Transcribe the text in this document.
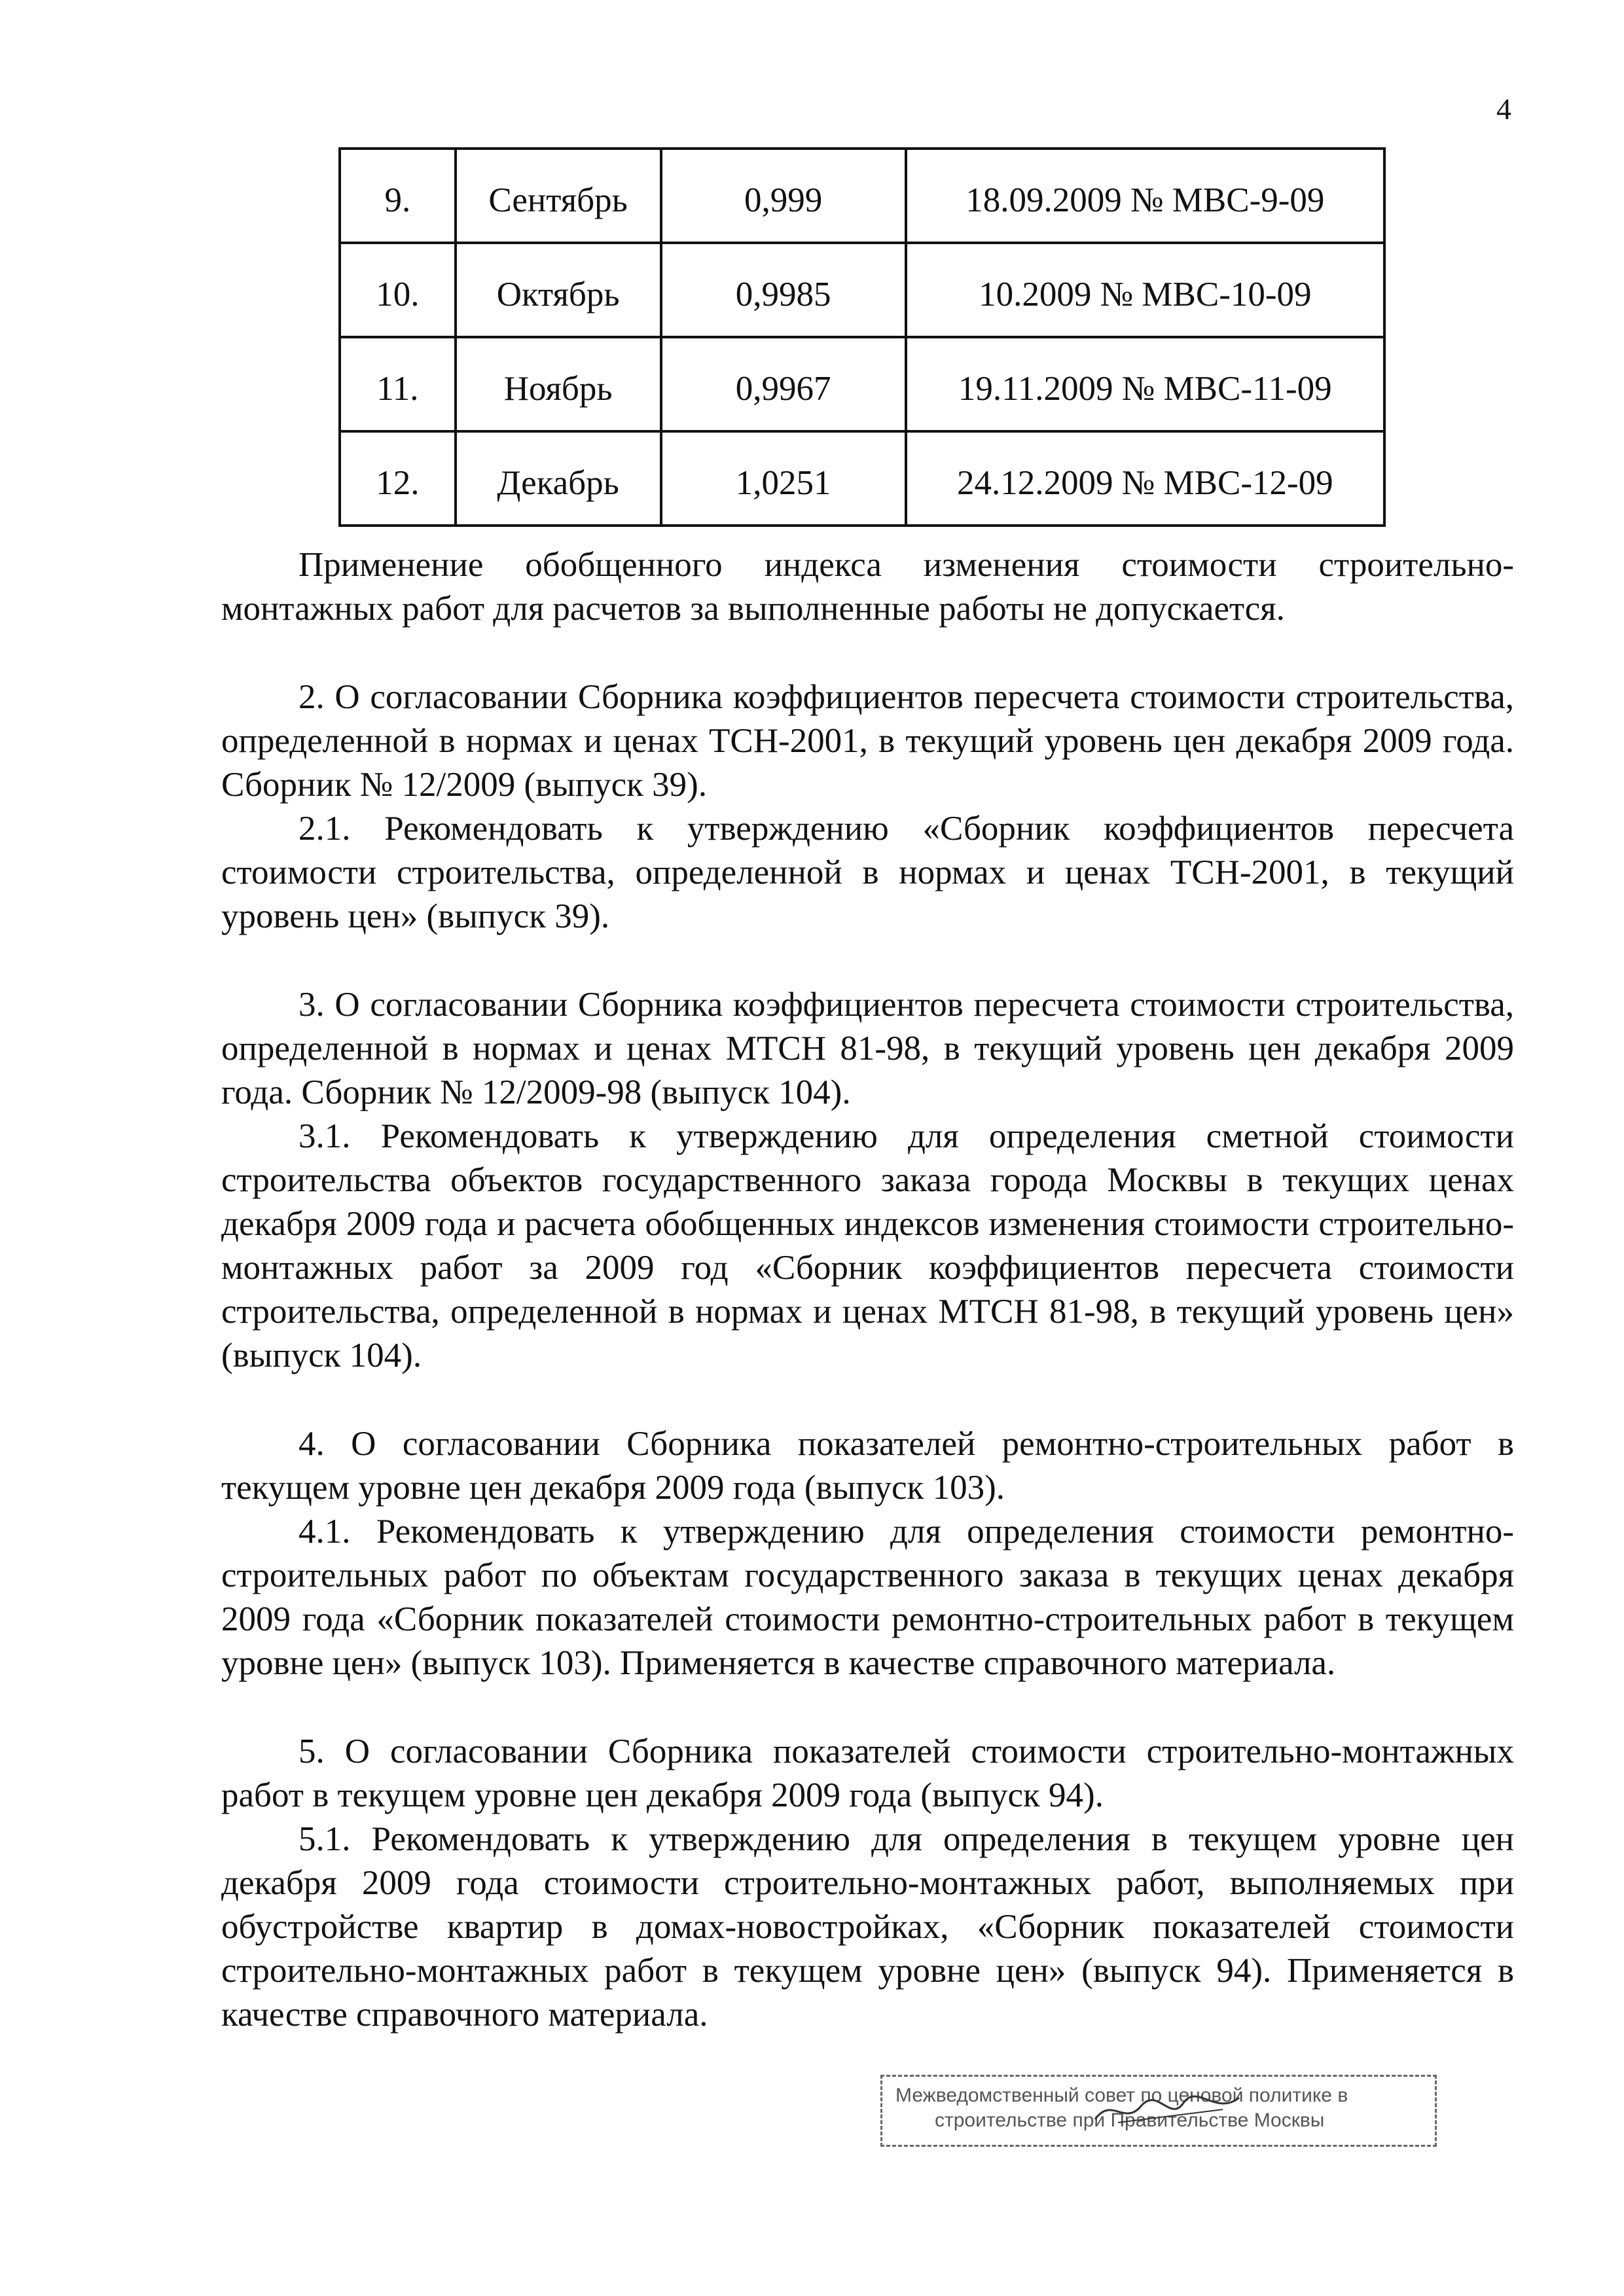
4
9.	Сентябрь	0,999	18.09.2009 № МВС-9-09
10.	Октябрь	0,9985	10.2009 № МВС-10-09
11.	Ноябрь	0,9967	19.11.2009 № МВС-11-09
12.	Декабрь	1,0251	24.12.2009 № МВС-12-09

Применение обобщенного индекса изменения стоимости строительно-монтажных работ для расчетов за выполненные работы не допускается.

2. О согласовании Сборника коэффициентов пересчета стоимости строительства, определенной в нормах и ценах ТСН-2001, в текущий уровень цен декабря 2009 года. Сборник № 12/2009 (выпуск 39).

2.1. Рекомендовать к утверждению «Сборник коэффициентов пересчета стоимости строительства, определенной в нормах и ценах ТСН-2001, в текущий уровень цен» (выпуск 39).

3. О согласовании Сборника коэффициентов пересчета стоимости строительства, определенной в нормах и ценах МТСН 81-98, в текущий уровень цен декабря 2009 года. Сборник № 12/2009-98 (выпуск 104).

3.1. Рекомендовать к утверждению для определения сметной стоимости строительства объектов государственного заказа города Москвы в текущих ценах декабря 2009 года и расчета обобщенных индексов изменения стоимости строительно-монтажных работ за 2009 год «Сборник коэффициентов пересчета стоимости строительства, определенной в нормах и ценах МТСН 81-98, в текущий уровень цен» (выпуск 104).

4. О согласовании Сборника показателей ремонтно-строительных работ в текущем уровне цен декабря 2009 года (выпуск 103).

4.1. Рекомендовать к утверждению для определения стоимости ремонтно-строительных работ по объектам государственного заказа в текущих ценах декабря 2009 года «Сборник показателей стоимости ремонтно-строительных работ в текущем уровне цен» (выпуск 103). Применяется в качестве справочного материала.

5. О согласовании Сборника показателей стоимости строительно-монтажных работ в текущем уровне цен декабря 2009 года (выпуск 94).

5.1. Рекомендовать к утверждению для определения в текущем уровне цен декабря 2009 года стоимости строительно-монтажных работ, выполняемых при обустройстве квартир в домах-новостройках, «Сборник показателей стоимости строительно-монтажных работ в текущем уровне цен» (выпуск 94). Применяется в качестве справочного материала.

Межведомственный совет по ценовой политике в
строительстве при Правительстве Москвы
